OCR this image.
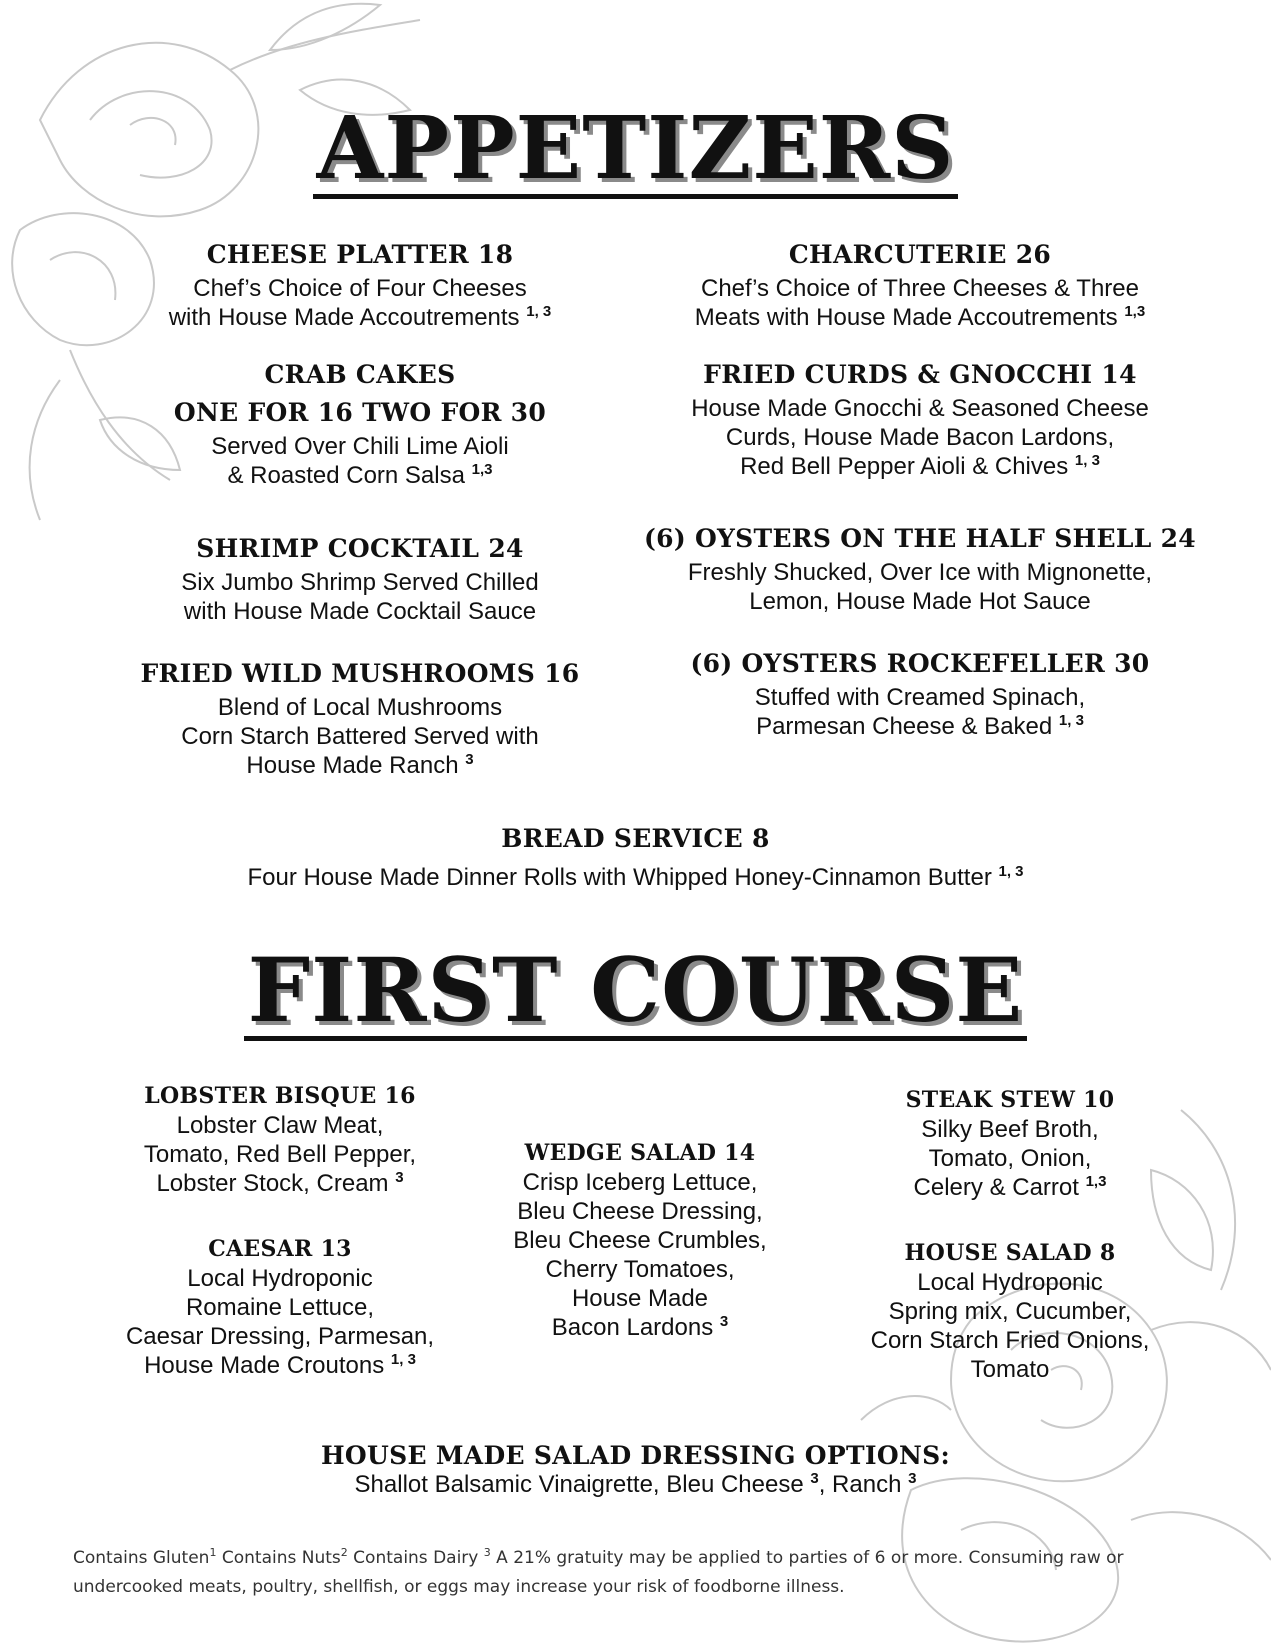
APPETIZERS
CHEESE PLATTER 18
Chef’s Choice of Four Cheeses
with House Made Accoutrements $^{1, 3}$
CRAB CAKES
ONE FOR 16 TWO FOR 30
Served Over Chili Lime Aioli
& Roasted Corn Salsa $^{1,3}$
SHRIMP COCKTAIL 24
Six Jumbo Shrimp Served Chilled
with House Made Cocktail Sauce
FRIED WILD MUSHROOMS 16
Blend of Local Mushrooms
Corn Starch Battered Served with
House Made Ranch $^3$
CHARCUTERIE 26
Chef’s Choice of Three Cheeses & Three
Meats with House Made Accoutrements $^{1,3}$
FRIED CURDS & GNOCCHI 14
House Made Gnocchi & Seasoned Cheese
Curds, House Made Bacon Lardons,
Red Bell Pepper Aioli & Chives $^{1, 3}$
(6) OYSTERS ON THE HALF SHELL 24
Freshly Shucked, Over Ice with Mignonette,
Lemon, House Made Hot Sauce
(6) OYSTERS ROCKEFELLER 30
Stuffed with Creamed Spinach,
Parmesan Cheese & Baked $^{1, 3}$
BREAD SERVICE 8
Four House Made Dinner Rolls with Whipped Honey-Cinnamon Butter $^{1, 3}$
FIRST COURSE
LOBSTER BISQUE 16
Lobster Claw Meat,
Tomato, Red Bell Pepper,
Lobster Stock, Cream $^3$
CAESAR 13
Local Hydroponic
Romaine Lettuce,
Caesar Dressing, Parmesan,
House Made Croutons $^{1, 3}$
WEDGE SALAD 14
Crisp Iceberg Lettuce,
Bleu Cheese Dressing,
Bleu Cheese Crumbles,
Cherry Tomatoes,
House Made
Bacon Lardons $^3$
STEAK STEW 10
Silky Beef Broth,
Tomato, Onion,
Celery & Carrot $^{1,3}$
HOUSE SALAD 8
Local Hydroponic
Spring mix, Cucumber,
Corn Starch Fried Onions,
Tomato
HOUSE MADE SALAD DRESSING OPTIONS:
Shallot Balsamic Vinaigrette, Bleu Cheese $^3$, Ranch $^3$
Contains Gluten$^1$ Contains Nuts$^2$ Contains Dairy $^3$ A 21% gratuity may be applied to parties of 6 or more. Consuming raw or undercooked meats, poultry, shellfish, or eggs may increase your risk of foodborne illness.
